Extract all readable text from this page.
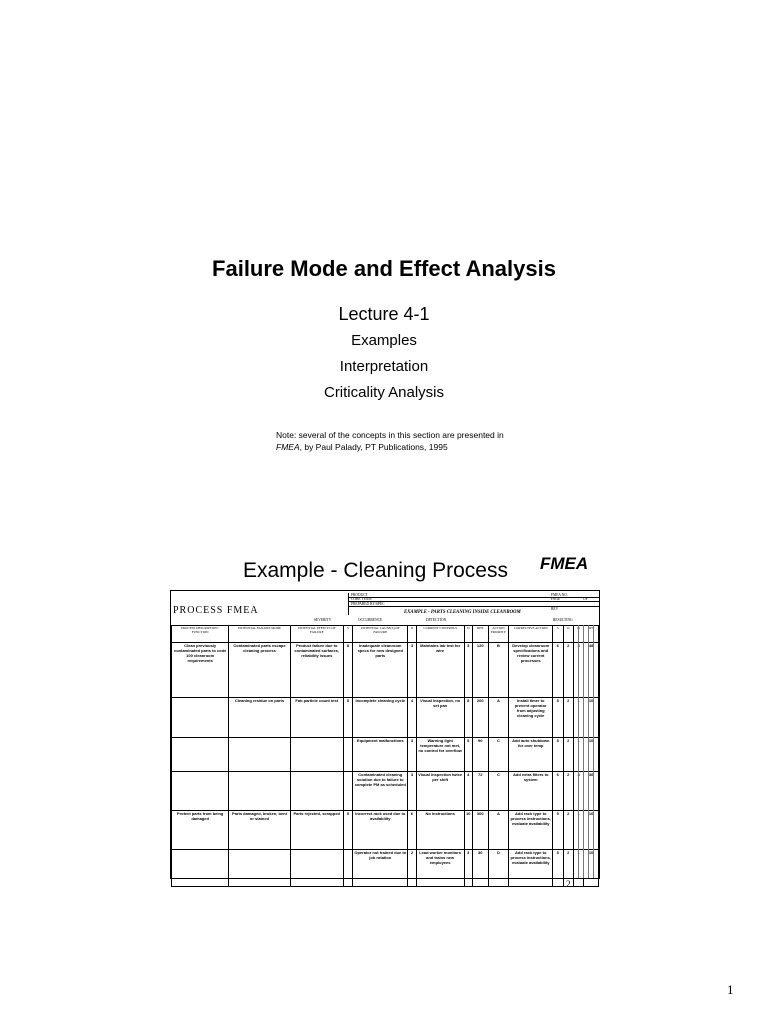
Failure Mode and Effect Analysis
Lecture 4-1
Examples
Interpretation
Criticality Analysis
Note: several of the concepts in this section are presented in
FMEA, by Paul Palady, PT Publications, 1995
Example - Cleaning Process FMEA
PROCESS FMEA
PRODUCT
CORE TEAM
PREPARED BY/SPEC
FMEA NO.
PAGE	OF
REV.
EXAMPLE - PARTS CLEANING INSIDE CLEANROOM
PROCESS DESCRIPTION / FUNCTION	POTENTIAL FAILURE MODE	POTENTIAL EFFECTS OF FAILURE	S	POTENTIAL CAUSE(S) OF FAILURE	O	CURRENT CONTROLS	D	RPN	ACTION PRIORITY	CORRECTIVE ACTION	S	O	D	RPN
Clean previously contaminated parts to code 100 cleanroom requirements	Contaminated parts escape cleaning process	Product failure due to contaminated surfaces, reliability issues	8	Inadequate cleanroom specs for new designed parts	3	Maintains lab test for wire	3	120	B	Develop cleanroom specifications and review current processes	6	2	3	48
	Cleaning residue on parts	Fab particle count test	5	Incomplete cleaning cycle	4	Visual inspection, no set pan	8	200	A	Install timer to prevent operator from adjusting cleaning cycle	5	2	1	10
				Equipment malfunctions	3	Warning light temperature not met, no control for overflow	5	90	C	Add auto shutdown for over temp	5	2	1	10
				Contaminated cleaning solution due to failure to complete PM as scheduled	3	Visual inspection twice per shift	4	72	C	Add extra filters to system	6	2	3	36
Protect parts from being damaged	Parts damaged, broken, bent or stained	Parts rejected, scrapped	5	Incorrect rack used due to availability	6	No instructions	10	300	A	Add rack type to process instructions, evaluate availability	5	2	1	10
				Operator not trained due to job rotation	2	Lead worker monitors and trains new employees	3	30	D	Add rack type to process instructions, evaluate availability	5	2	1	10
SEVERITY	OCCURRENCE	DETECTION	RESULTING
2
1
